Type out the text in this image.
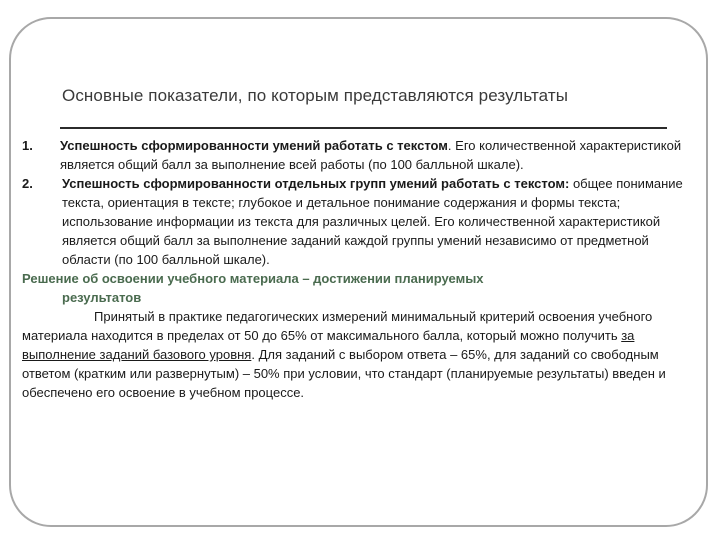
Основные показатели, по которым представляются результаты
1. Успешность сформированности умений работать с текстом. Его количественной характеристикой является общий балл за выполнение всей работы (по 100 балльной шкале).
2. Успешность сформированности отдельных групп умений работать с текстом: общее понимание текста, ориентация в тексте; глубокое и детальное понимание содержания и формы текста; использование информации из текста для различных целей. Его количественной характеристикой является общий балл за выполнение заданий каждой группы умений независимо от предметной области (по 100 балльной шкале).
Решение об освоении учебного материала – достижении планируемых
результатов
Принятый в практике педагогических измерений минимальный критерий освоения учебного материала находится в пределах от 50 до 65% от максимального балла, который можно получить за выполнение заданий базового уровня. Для заданий с выбором ответа – 65%, для заданий со свободным ответом (кратким или развернутым) – 50% при условии, что стандарт (планируемые результаты) введен и обеспечено его освоение в учебном процессе.
